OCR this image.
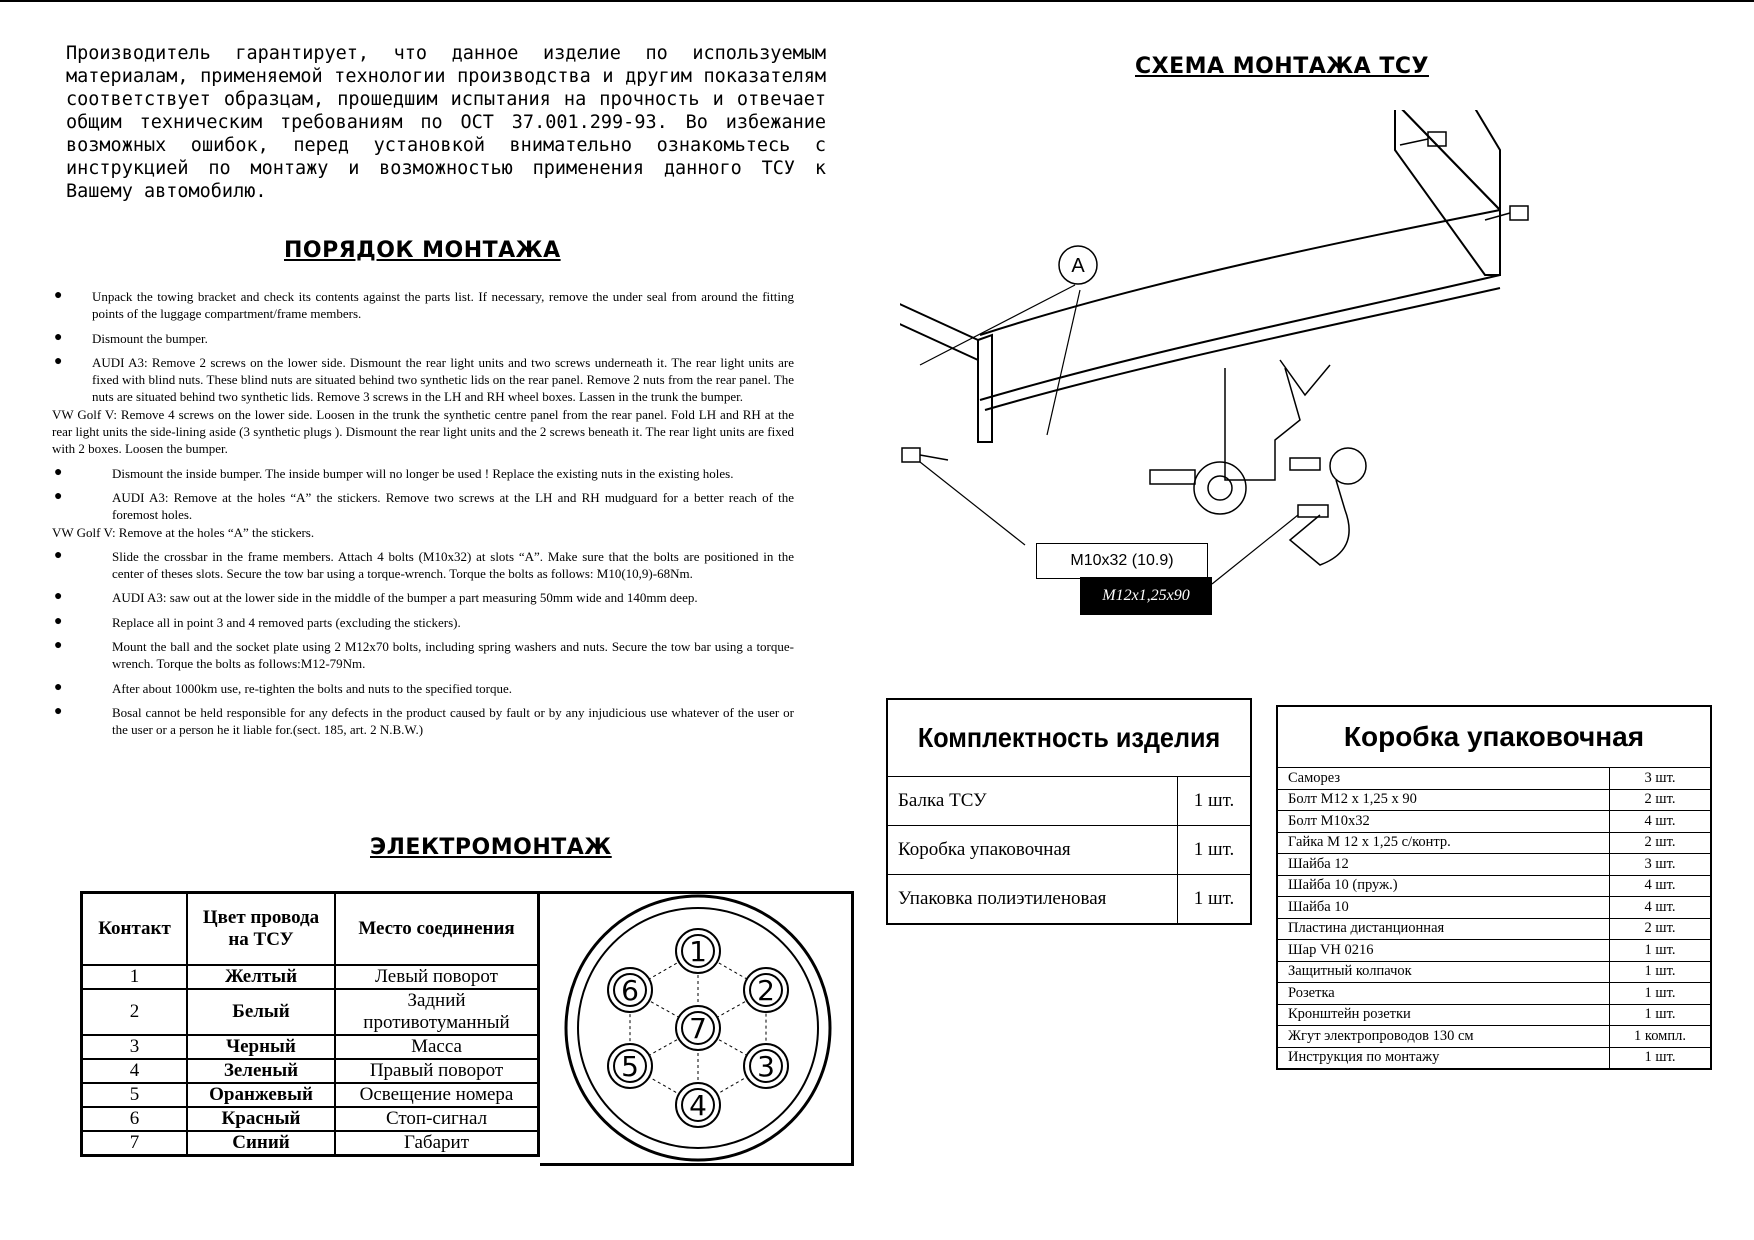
Производитель гарантирует, что данное изделие по используемым материалам, применяемой технологии производства и другим показателям соответствует образцам, прошедшим испытания на прочность и отвечает общим техническим требованиям по ОСТ 37.001.299-93. Во избежание возможных ошибок, перед установкой внимательно ознакомьтесь с инструкцией по монтажу и возможностью применения данного ТСУ к Вашему автомобилю.
ПОРЯДОК МОНТАЖА
● Unpack the towing bracket and check its contents against the parts list. If necessary, remove the under seal from around the fitting points of the luggage compartment/frame members.
● Dismount the bumper.
● AUDI A3: Remove 2 screws on the lower side. Dismount the rear light units and two screws underneath it. The rear light units are fixed with blind nuts. These blind nuts are situated behind two synthetic lids on the rear panel. Remove 2 nuts from the rear panel. The nuts are situated behind two synthetic lids. Remove 3 screws in the LH and RH wheel boxes. Lassen in the trunk the bumper.
VW Golf V: Remove 4 screws on the lower side. Loosen in the trunk the synthetic centre panel from the rear panel. Fold LH and RH at the rear light units the side-lining aside (3 synthetic plugs ). Dismount the rear light units and the 2 screws beneath it. The rear light units are fixed with 2 boxes. Loosen the bumper.
●	Dismount the inside bumper. The inside bumper will no longer be used ! Replace the existing nuts in the existing holes.
●	AUDI A3: Remove at the holes “A” the stickers. Remove two screws at the LH and RH mudguard for a better reach of the foremost holes.
VW Golf V: Remove at the holes “A” the stickers.
●	Slide the crossbar in the frame members. Attach 4 bolts (M10x32) at slots “A”. Make sure that the bolts are positioned in the center of theses slots. Secure the tow bar using a torque-wrench. Torque the bolts as follows: M10(10,9)-68Nm.
●	AUDI A3: saw out at the lower side in the middle of the bumper a part measuring 50mm wide and 140mm deep.
●	Replace all in point 3 and 4 removed parts (excluding the stickers).
●	Mount the ball and the socket plate using 2 M12x70 bolts, including spring washers and nuts. Secure the tow bar using a torque-wrench. Torque the bolts as follows:M12-79Nm.
●	After about 1000km use, re-tighten the bolts and nuts to the specified torque.
●	Bosal cannot be held responsible for any defects in the product caused by fault or by any injudicious use whatever of the user or the user or a person he it liable for.(sect. 185, art. 2 N.B.W.)
ЭЛЕКТРОМОНТАЖ
Контакт	Цвет провода на ТСУ	Место соединения
1	Желтый	Левый поворот
2	Белый	Задний противотуманный
3	Черный	Масса
4	Зеленый	Правый поворот
5	Оранжевый	Освещение номера
6	Красный	Стоп-сигнал
7	Синий	Габарит
1
2
3
4
5
6
7
СХЕМА МОНТАЖА ТСУ
A
M10x32 (10.9)
M12x1,25x90
Комплектность изделия	
Балка ТСУ	1 шт.
Коробка упаковочная	1 шт.
Упаковка полиэтиленовая	1 шт.
Коробка упаковочная	
Саморез	3 шт.
Болт М12 х 1,25 х 90	2 шт.
Болт М10х32	4 шт.
Гайка М 12 х 1,25 с/контр.	2 шт.
Шайба 12	3 шт.
Шайба 10 (пруж.)	4 шт.
Шайба 10	4 шт.
Пластина дистанционная	2 шт.
Шар VH 0216	1 шт.
Защитный колпачок	1 шт.
Розетка	1 шт.
Кронштейн розетки	1 шт.
Жгут электропроводов 130 см	1 компл.
Инструкция по монтажу	1 шт.
